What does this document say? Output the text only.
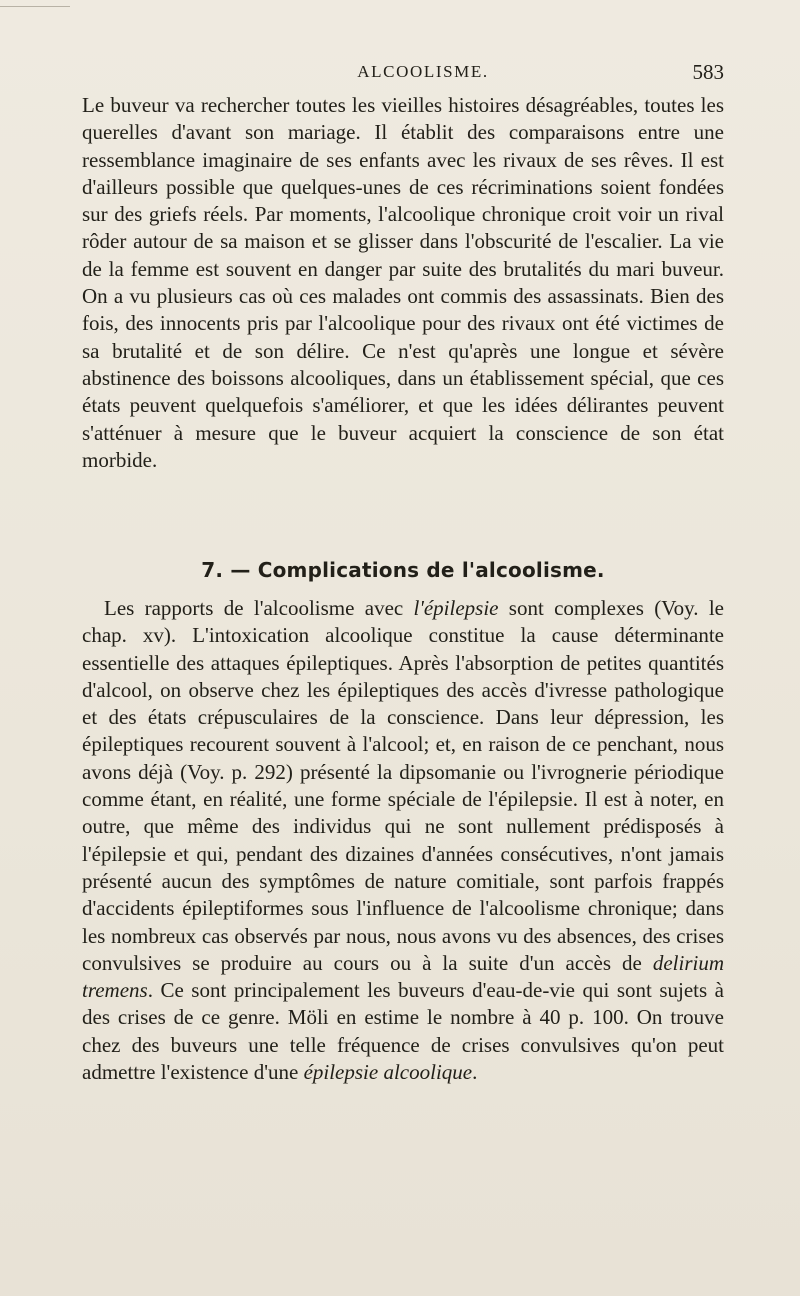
ALCOOLISME.	583

Le buveur va rechercher toutes les vieilles histoires désagréables, toutes les querelles d'avant son mariage. Il établit des comparaisons entre une ressemblance imaginaire de ses enfants avec les rivaux de ses rêves. Il est d'ailleurs possible que quelques-unes de ces récriminations soient fondées sur des griefs réels. Par moments, l'alcoolique chronique croit voir un rival rôder autour de sa maison et se glisser dans l'obscurité de l'escalier. La vie de la femme est souvent en danger par suite des brutalités du mari buveur. On a vu plusieurs cas où ces malades ont commis des assassinats. Bien des fois, des innocents pris par l'alcoolique pour des rivaux ont été victimes de sa brutalité et de son délire. Ce n'est qu'après une longue et sévère abstinence des boissons alcooliques, dans un établissement spécial, que ces états peuvent quelquefois s'améliorer, et que les idées délirantes peuvent s'atténuer à mesure que le buveur acquiert la conscience de son état morbide.

7. — Complications de l'alcoolisme.

Les rapports de l'alcoolisme avec l'épilepsie sont complexes (Voy. le chap. xv). L'intoxication alcoolique constitue la cause déterminante essentielle des attaques épileptiques. Après l'absorption de petites quantités d'alcool, on observe chez les épileptiques des accès d'ivresse pathologique et des états crépusculaires de la conscience. Dans leur dépression, les épileptiques recourent souvent à l'alcool; et, en raison de ce penchant, nous avons déjà (Voy. p. 292) présenté la dipsomanie ou l'ivrognerie périodique comme étant, en réalité, une forme spéciale de l'épilepsie. Il est à noter, en outre, que même des individus qui ne sont nullement prédisposés à l'épilepsie et qui, pendant des dizaines d'années consécutives, n'ont jamais présenté aucun des symptômes de nature comitiale, sont parfois frappés d'accidents épileptiformes sous l'influence de l'alcoolisme chronique; dans les nombreux cas observés par nous, nous avons vu des absences, des crises convulsives se produire au cours ou à la suite d'un accès de delirium tremens. Ce sont principalement les buveurs d'eau-de-vie qui sont sujets à des crises de ce genre. Möli en estime le nombre à 40 p. 100. On trouve chez des buveurs une telle fréquence de crises convulsives qu'on peut admettre l'existence d'une épilepsie alcoolique.
